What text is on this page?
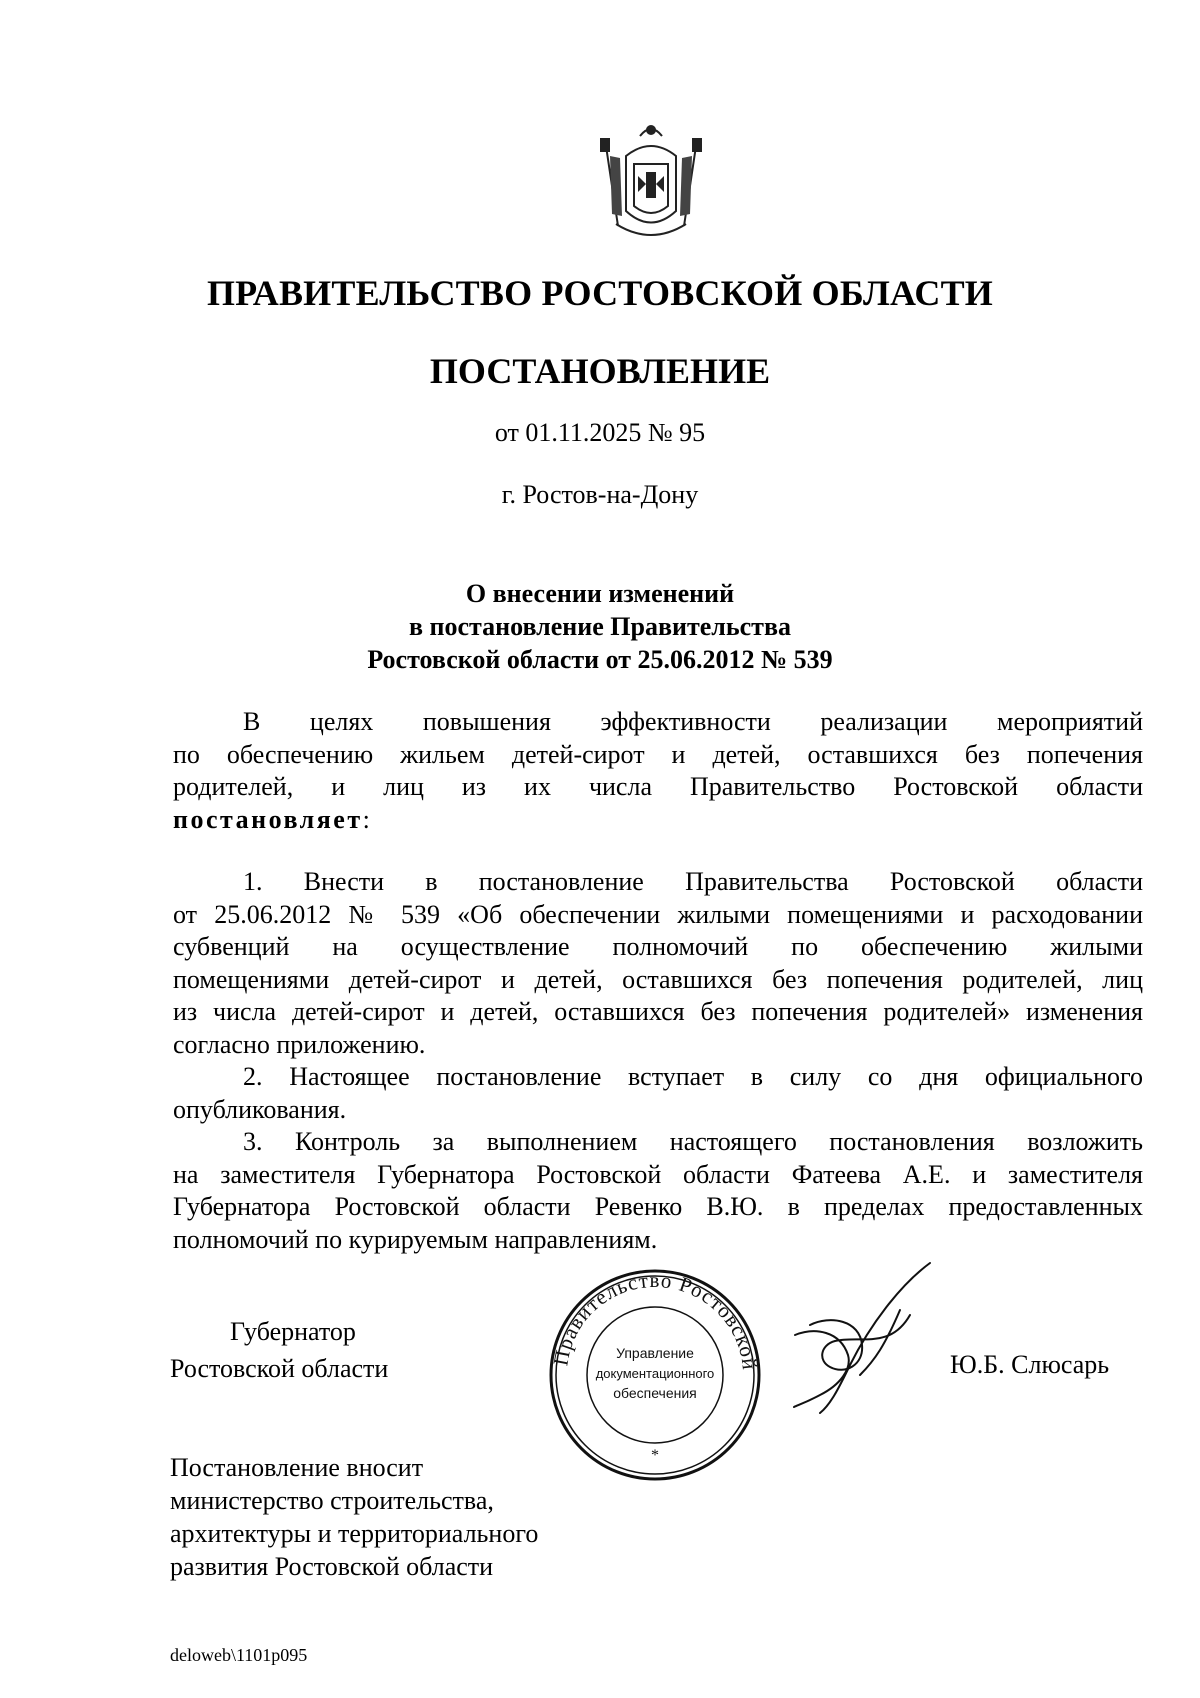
ПРАВИТЕЛЬСТВО РОСТОВСКОЙ ОБЛАСТИ
ПОСТАНОВЛЕНИЕ
от 01.11.2025 № 95
г. Ростов-на-Дону
О внесении изменений
в постановление Правительства
Ростовской области от 25.06.2012 № 539
В целях повышения эффективности реализации мероприятий
по обеспечению жильем детей-сирот и детей, оставшихся без попечения
родителей, и лиц из их числа Правительство Ростовской области
постановляет:
1. Внести в постановление Правительства Ростовской области
от 25.06.2012 № 539 «Об обеспечении жилыми помещениями и расходовании
субвенций на осуществление полномочий по обеспечению жилыми
помещениями детей-сирот и детей, оставшихся без попечения родителей, лиц
из числа детей-сирот и детей, оставшихся без попечения родителей» изменения
согласно приложению.
2. Настоящее постановление вступает в силу со дня официального
опубликования.
3. Контроль за выполнением настоящего постановления возложить
на заместителя Губернатора Ростовской области Фатеева А.Е. и заместителя
Губернатора Ростовской области Ревенко В.Ю. в пределах предоставленных
полномочий по курируемым направлениям.
Губернатор
Ростовской области	Правительство Ростовской
Управление
документационного
обеспечения
*
Ю.Б. Слюсарь
Постановление вносит
министерство строительства,
архитектуры и территориального
развития Ростовской области
deloweb\1101p095
